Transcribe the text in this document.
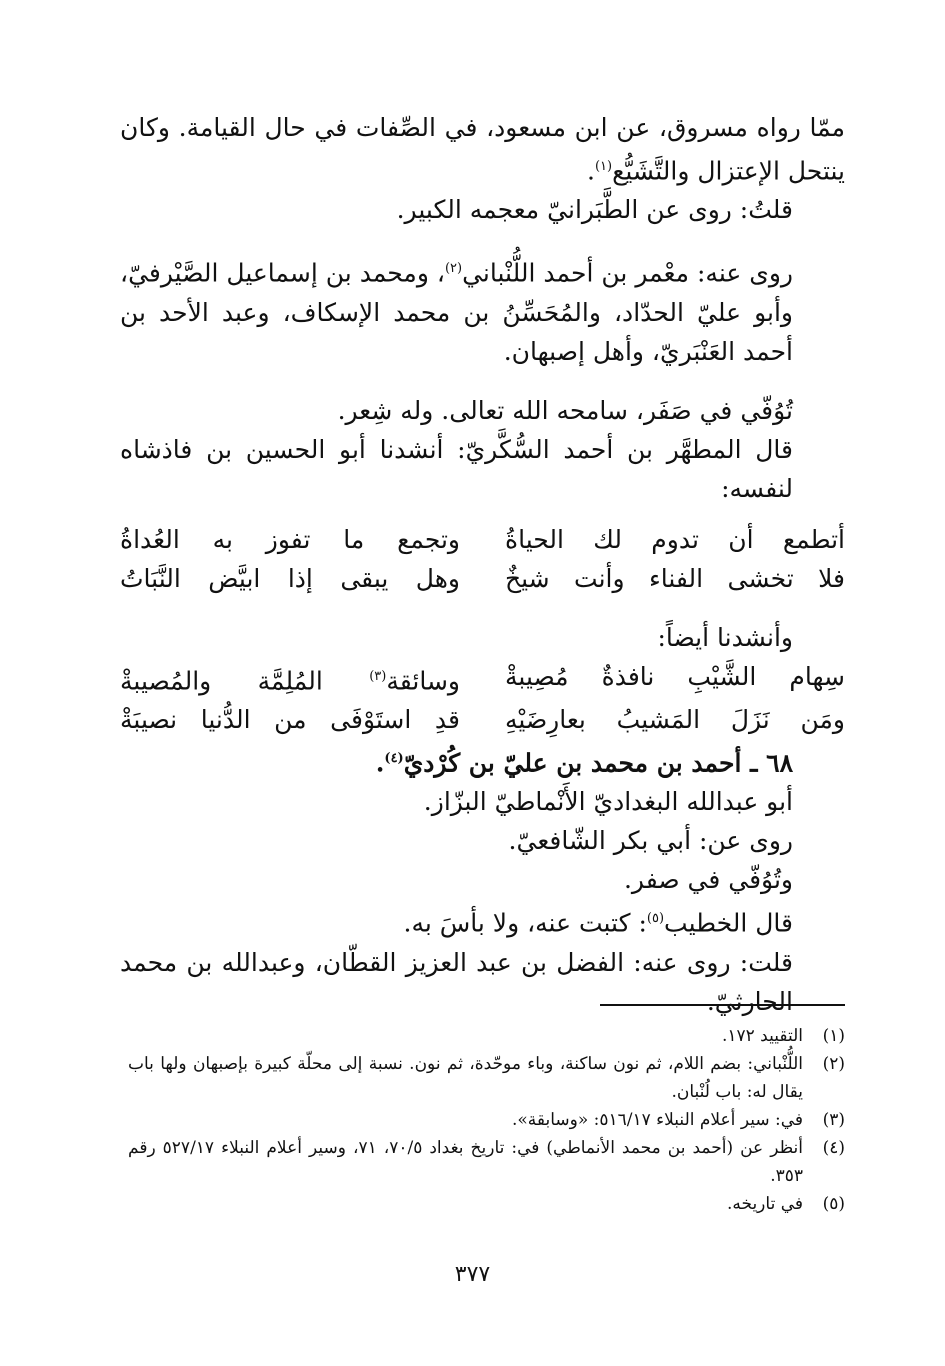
ممّا رواه مسروق، عن ابن مسعود، في الصِّفات في حال القيامة. وكان ينتحل الإعتزال والتَّشَيُّع$^{(١)}$.

قلتُ: روى عن الطَّبَرانيّ معجمه الكبير.

روى عنه: معْمر بن أحمد اللُّنْباني$^{(٢)}$، ومحمد بن إسماعيل الصَّيْرفيّ، وأبو عليّ الحدّاد، والمُحَسِّنُ بن محمد الإسكاف، وعبد الأحد بن أحمد العَنْبَريّ، وأهل إصبهان.

تُوُفّي في صَفَر، سامحه الله تعالى. وله شِعر.

قال المطهَّر بن أحمد السُّكَّريّ: أنشدنا أبو الحسين بن فاذشاه لنفسه:

أتطمع أن تدوم لك الحياةُ
وتجمع ما تفوز به العُداةُ
فلا تخشى الفناء وأنت شيخٌ
وهل يبقى إذا ابيَّض النَّبَاتُ

وأنشدنا أيضاً:

سِهام الشَّيْبِ نافذةٌ مُصِيبةْ
وسائقة$^{(٣)}$ المُلِمَّة والمُصيبةْ
ومَن نَزَلَ المَشيبُ بعارِضَيْهِ
قدِ استَوْفَى من الدُّنيا نصيبَةْ

٦٨ ـ أحمد بن محمد بن عليّ بن كُرْديّ$^{(٤)}$.

أبو عبدالله البغداديّ الأَنْماطيّ البزّاز.

روى عن: أبي بكر الشّافعيّ.

وتُوُفّي في صفر.

قال الخطيب$^{(٥)}$: كتبت عنه، ولا بأسَ به.

قلت: روى عنه: الفضل بن عبد العزيز القطّان، وعبدالله بن محمد الحارثيّ.

(١)
التقييد ١٧٢.
(٢)
اللُّنْباني: بضم اللام، ثم نون ساكنة، وباء موحّدة، ثم نون. نسبة إلى محلّة كبيرة بإصبهان ولها باب يقال له: باب لُنْبان.
(٣)
في: سير أعلام النبلاء ٥١٦/١٧: «وسابقة».
(٤)
أنظر عن (أحمد بن محمد الأنماطي) في: تاريخ بغداد ٧٠/٥، ٧١، وسير أعلام النبلاء ٥٢٧/١٧ رقم ٣٥٣.
(٥)
في تاريخه.
٣٧٧
